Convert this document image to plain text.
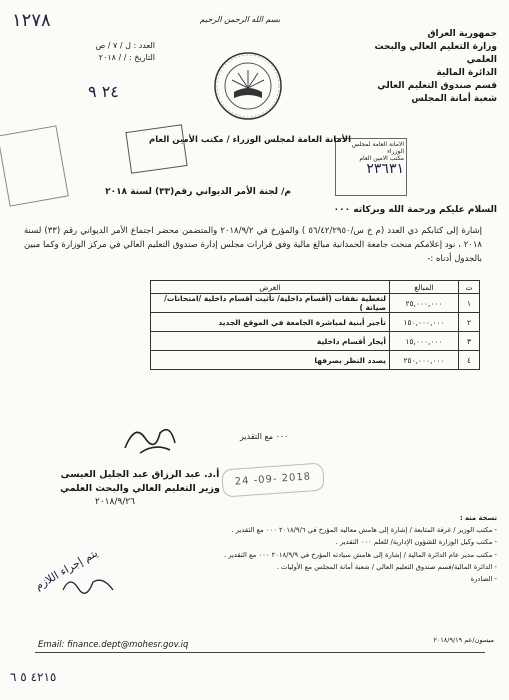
١٢٧٨	بسم الله الرحمن الرحيم
جمهورية العراق
وزارة التعليم العالي والبحث العلمي
الدائرة المالية
قسم صندوق التعليم العالي
شعبة أمانة المجلس
العدد : ل / ٧ / ص
التاريخ : / / ٢٠١٨
٢٤ ٩
الامانة العامة لمجلس الوزراء
مكتب الامين العام
٢٣٦٣١
الأمانة العامة لمجلس الوزراء / مكتب الأمين العام
م/ لجنة الأمر الديواني رقم(٣٣) لسنة ٢٠١٨
السلام عليكم ورحمة الله وبركاته ٠٠٠
إشارة إلى كتابكم ذي العدد (م خ س/٥٦/٤٢/٢٩٥٠ ) والمؤرخ في ٢٠١٨/٩/٢ والمتضمن محضر اجتماع الأمر الديواني رقم (٣٣) لسنة ٢٠١٨ ، نود إعلامكم منحت جامعة الحمدانية مبالغ مالية وفق قرارات مجلس إدارة صندوق التعليم العالي في مركز الوزارة وكما مبين بالجدول أدناه :-
ت	المبالغ	الغرض
١	٢٥,٠٠٠,٠٠٠	لتغطية نفقات (أقسام داخلية/ تأثيث أقسام داخلية /امتحانات/صيانة )
٢	١٥٠,٠٠٠,٠٠٠	تأجير أبنية لمباشرة الجامعة في الموقع الجديد
٣	١٥,٠٠٠,٠٠٠	أيجار أقسام داخلية
٤	٢٥٠,٠٠٠,٠٠٠	يصدد النظر بصرفها
٠٠٠ مع التقدير
24 -09- 2018
أ.د. عبد الرزاق عبد الجليل العيسى
وزير التعليم العالي والبحث العلمي
٢٠١٨/٩/٢٦
نسخة منه :
- مكتب الوزير / غرفة المتابعة / إشارة إلى هامش معاليه المؤرخ في ٢٠١٨/٩/٦ ٠٠٠ مع التقدير .
- مكتب وكيل الوزارة للشؤون الإدارية/ للعلم ٠٠٠ التقدير .
- مكتب مدير عام الدائرة المالية / إشارة إلى هامش سيادته المؤرخ في ٢٠١٨/٩/٩ ٠٠٠ مع التقدير .
- الدائرة المالية/قسم صندوق التعليم العالي / شعبة أمانة المجلس مع الأوليات .
- الصادرة
ميسون/عم ٢٠١٨/٩/١٩
يتم إجراء اللازم
Email: finance.dept@mohesr.gov.iq
٤٢١٥ ٥ ٦
